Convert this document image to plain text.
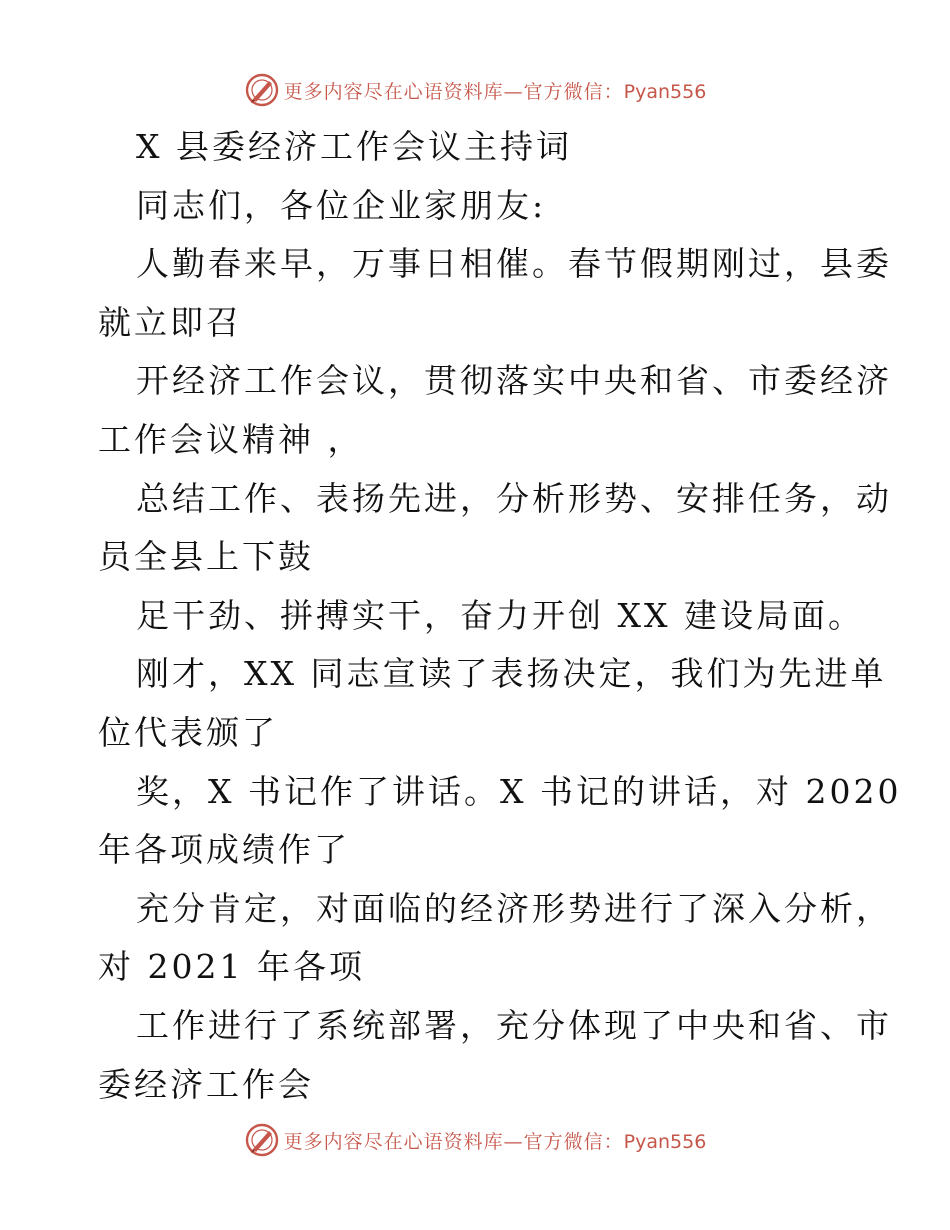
更多内容尽在心语资料库—官方微信：Pyan556
X 县委经济工作会议主持词
同志们，各位企业家朋友:
人勤春来早，万事日相催。春节假期刚过，县委
就立即召
开经济工作会议，贯彻落实中央和省、市委经济
工作会议精神 ，
总结工作、表扬先进，分析形势、安排任务，动
员全县上下鼓
足干劲、拼搏实干，奋力开创 XX 建设局面。
刚才，XX 同志宣读了表扬决定，我们为先进单
位代表颁了
奖，X 书记作了讲话。X 书记的讲话，对 2020
年各项成绩作了
充分肯定，对面临的经济形势进行了深入分析，
对 2021 年各项
工作进行了系统部署，充分体现了中央和省、市
委经济工作会
更多内容尽在心语资料库—官方微信：Pyan556
